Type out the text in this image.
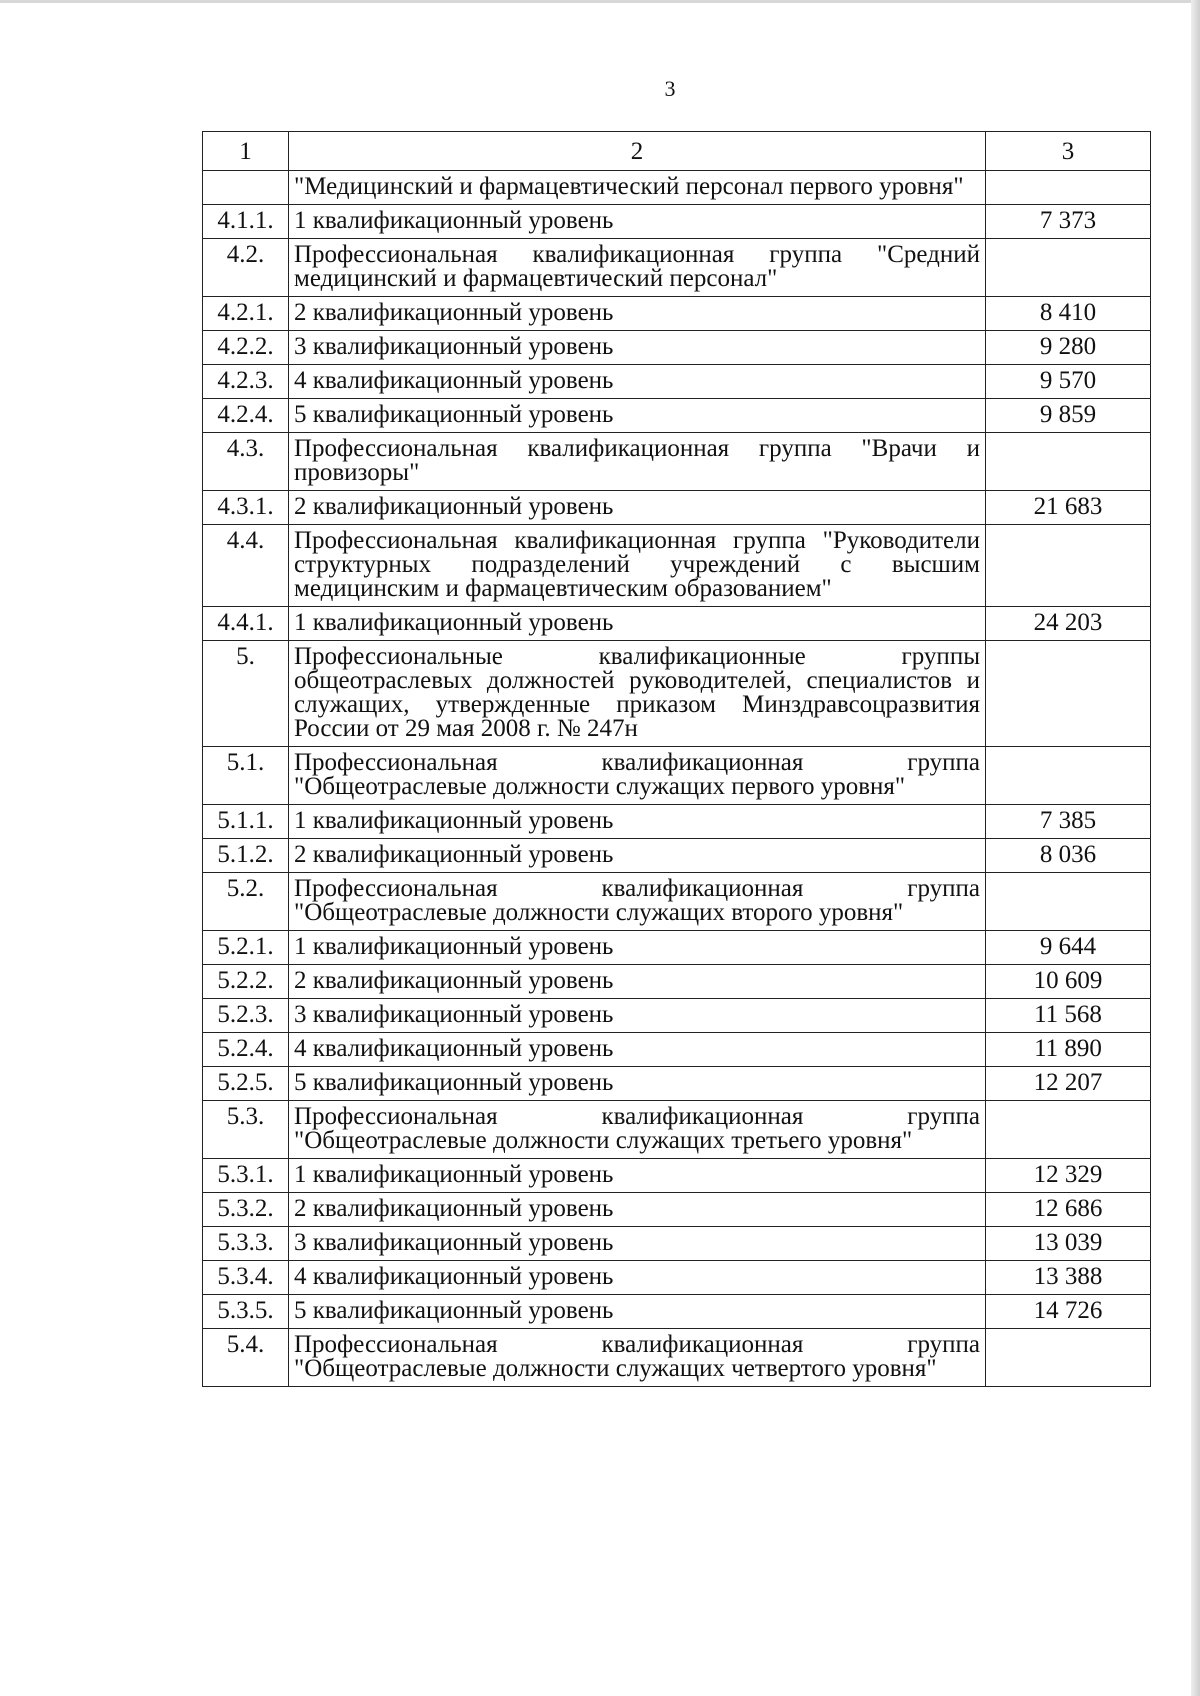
3
1	2	3
	"Медицинский и фармацевтический персонал первого уровня"	
4.1.1.	1 квалификационный уровень	7 373
4.2.	Профессиональная квалификационная группа "Средний медицинский и фармацевтический персонал"	
4.2.1.	2 квалификационный уровень	8 410
4.2.2.	3 квалификационный уровень	9 280
4.2.3.	4 квалификационный уровень	9 570
4.2.4.	5 квалификационный уровень	9 859
4.3.	Профессиональная квалификационная группа "Врачи и провизоры"	
4.3.1.	2 квалификационный уровень	21 683
4.4.	Профессиональная квалификационная группа "Руководители структурных подразделений учреждений с высшим медицинским и фармацевтическим образованием"	
4.4.1.	1 квалификационный уровень	24 203
5.	Профессиональные квалификационные группы общеотраслевых должностей руководителей, специалистов и служащих, утвержденные приказом Минздравсоцразвития России от 29 мая 2008 г. № 247н	
5.1.	Профессиональная квалификационная группа "Общеотраслевые должности служащих первого уровня"	
5.1.1.	1 квалификационный уровень	7 385
5.1.2.	2 квалификационный уровень	8 036
5.2.	Профессиональная квалификационная группа "Общеотраслевые должности служащих второго уровня"	
5.2.1.	1 квалификационный уровень	9 644
5.2.2.	2 квалификационный уровень	10 609
5.2.3.	3 квалификационный уровень	11 568
5.2.4.	4 квалификационный уровень	11 890
5.2.5.	5 квалификационный уровень	12 207
5.3.	Профессиональная квалификационная группа "Общеотраслевые должности служащих третьего уровня"	
5.3.1.	1 квалификационный уровень	12 329
5.3.2.	2 квалификационный уровень	12 686
5.3.3.	3 квалификационный уровень	13 039
5.3.4.	4 квалификационный уровень	13 388
5.3.5.	5 квалификационный уровень	14 726
5.4.	Профессиональная квалификационная группа "Общеотраслевые должности служащих четвертого уровня"	
